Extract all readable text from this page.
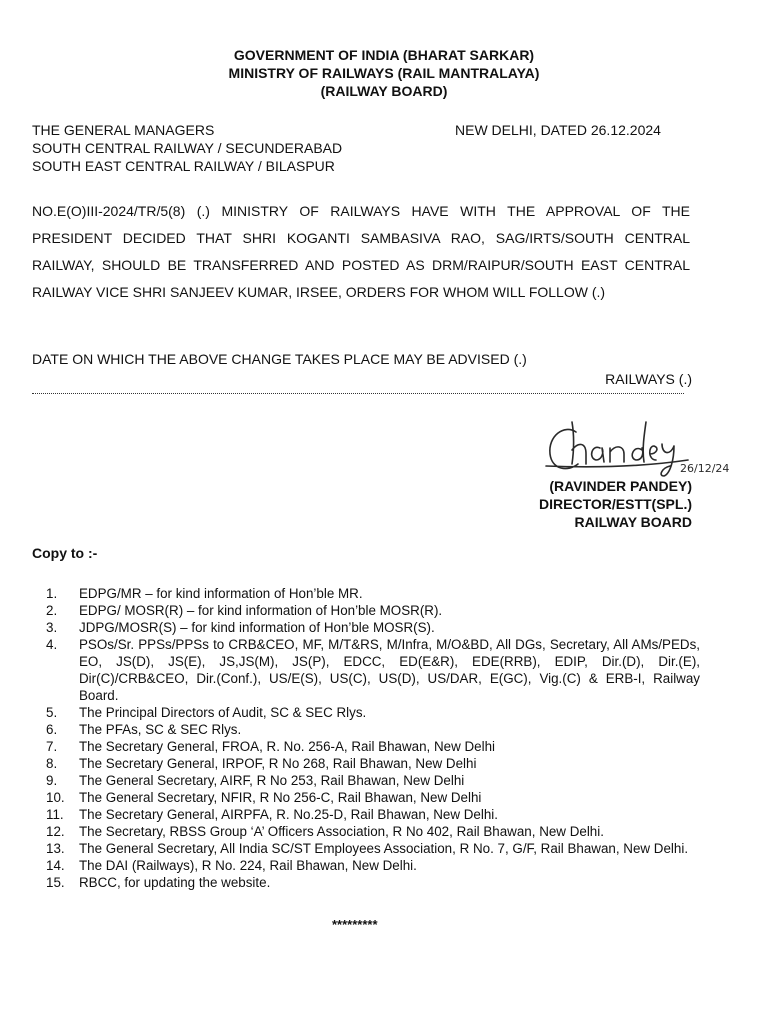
GOVERNMENT OF INDIA (BHARAT SARKAR)
MINISTRY OF RAILWAYS (RAIL MANTRALAYA)
(RAILWAY BOARD)
THE GENERAL MANAGERS
SOUTH CENTRAL RAILWAY / SECUNDERABAD
SOUTH EAST CENTRAL RAILWAY / BILASPUR
NEW DELHI, DATED 26.12.2024
NO.E(O)III-2024/TR/5(8) (.) MINISTRY OF RAILWAYS HAVE WITH THE APPROVAL OF THE PRESIDENT DECIDED THAT SHRI KOGANTI SAMBASIVA RAO, SAG/IRTS/SOUTH CENTRAL RAILWAY, SHOULD BE TRANSFERRED AND POSTED AS DRM/RAIPUR/SOUTH EAST CENTRAL RAILWAY VICE SHRI SANJEEV KUMAR, IRSEE, ORDERS FOR WHOM WILL FOLLOW (.)
DATE ON WHICH THE ABOVE CHANGE TAKES PLACE MAY BE ADVISED (.)
RAILWAYS (.)
26/12/24
(RAVINDER PANDEY)
DIRECTOR/ESTT(SPL.)
RAILWAY BOARD
Copy to :-
1.	EDPG/MR – for kind information of Hon’ble MR.
2.	EDPG/ MOSR(R) – for kind information of Hon’ble MOSR(R).
3.	JDPG/MOSR(S) – for kind information of Hon’ble MOSR(S).
4.	PSOs/Sr. PPSs/PPSs to CRB&CEO, MF, M/T&RS, M/Infra, M/O&BD, All DGs, Secretary, All AMs/PEDs, EO, JS(D), JS(E), JS,JS(M), JS(P), EDCC, ED(E&R), EDE(RRB), EDIP, Dir.(D), Dir.(E), Dir(C)/CRB&CEO, Dir.(Conf.), US/E(S), US(C), US(D), US/DAR, E(GC), Vig.(C) & ERB-I, Railway Board.
5.	The Principal Directors of Audit, SC & SEC Rlys.
6.	The PFAs, SC & SEC Rlys.
7.	The Secretary General, FROA, R. No. 256-A, Rail Bhawan, New Delhi
8.	The Secretary General, IRPOF, R No 268, Rail Bhawan, New Delhi
9.	The General Secretary, AIRF, R No 253, Rail Bhawan, New Delhi
10.	The General Secretary, NFIR, R No 256-C, Rail Bhawan, New Delhi
11.	The Secretary General, AIRPFA, R. No.25-D, Rail Bhawan, New Delhi.
12.	The Secretary, RBSS Group ‘A’ Officers Association, R No 402, Rail Bhawan, New Delhi.
13.	The General Secretary, All India SC/ST Employees Association, R No. 7, G/F, Rail Bhawan, New Delhi.
14.	The DAI (Railways), R No. 224, Rail Bhawan, New Delhi.
15.	RBCC, for updating the website.
*********
